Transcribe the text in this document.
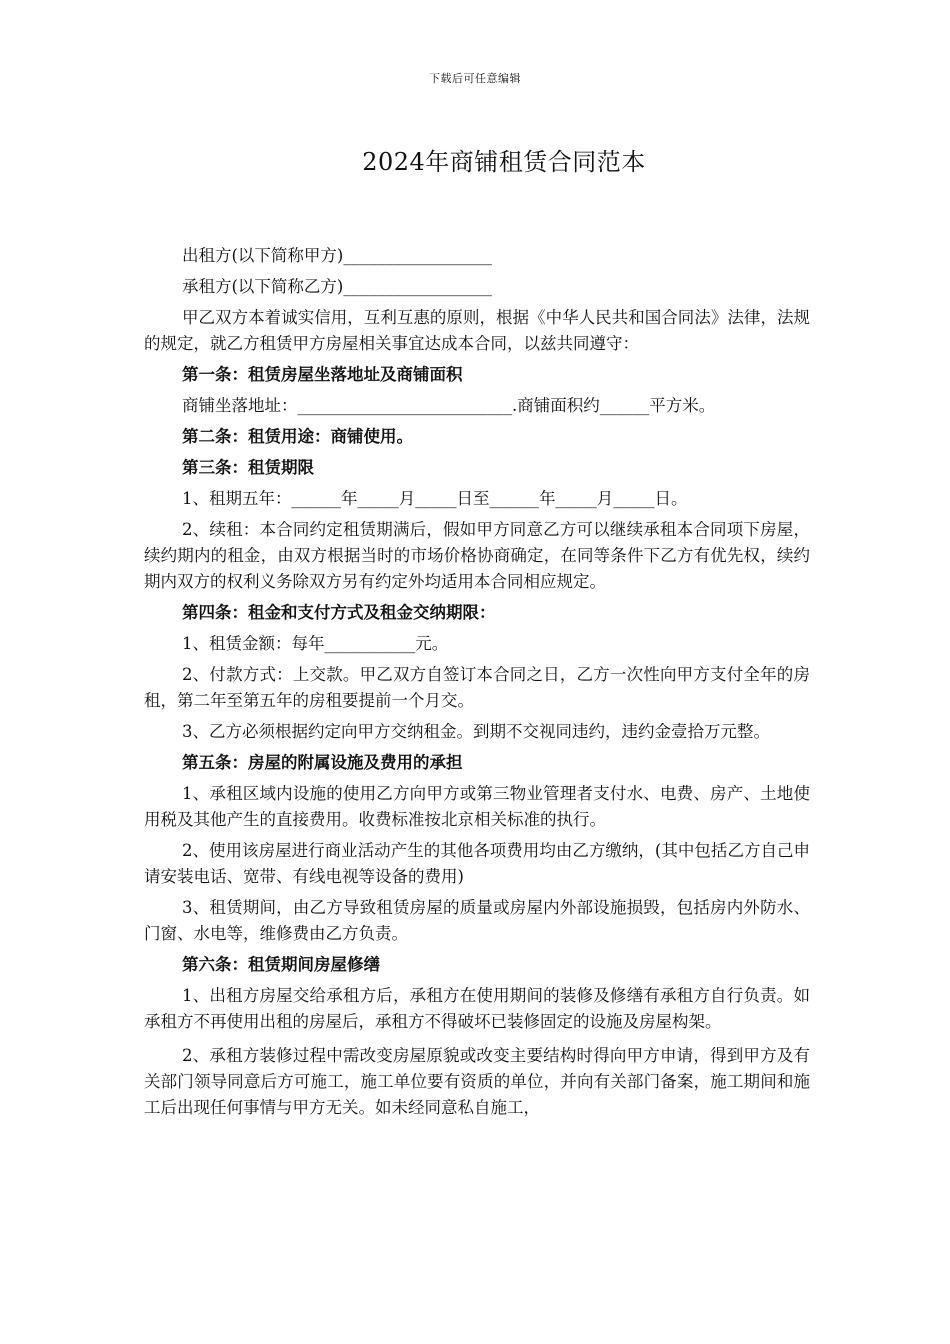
下载后可任意编辑
2024年商铺租赁合同范本

出租方(以下简称甲方)__________________

承租方(以下简称乙方)__________________

甲乙双方本着诚实信用，互利互惠的原则，根据《中华人民共和国合同法》法律，法规的规定，就乙方租赁甲方房屋相关事宜达成本合同，以兹共同遵守：

第一条：租赁房屋坐落地址及商铺面积

商铺坐落地址：__________________________.商铺面积约______平方米。

第二条：租赁用途：商铺使用。

第三条：租赁期限

1、租期五年：______年_____月_____日至______年_____月_____日。

2、续租：本合同约定租赁期满后，假如甲方同意乙方可以继续承租本合同项下房屋，续约期内的租金，由双方根据当时的市场价格协商确定，在同等条件下乙方有优先权，续约期内双方的权利义务除双方另有约定外均适用本合同相应规定。

第四条：租金和支付方式及租金交纳期限：

1、租赁金额：每年___________元。

2、付款方式：上交款。甲乙双方自签订本合同之日，乙方一次性向甲方支付全年的房租，第二年至第五年的房租要提前一个月交。

3、乙方必须根据约定向甲方交纳租金。到期不交视同违约，违约金壹拾万元整。

第五条：房屋的附属设施及费用的承担

1、承租区域内设施的使用乙方向甲方或第三物业管理者支付水、电费、房产、土地使用税及其他产生的直接费用。收费标准按北京相关标准的执行。

2、使用该房屋进行商业活动产生的其他各项费用均由乙方缴纳，(其中包括乙方自己申请安装电话、宽带、有线电视等设备的费用)

3、租赁期间，由乙方导致租赁房屋的质量或房屋内外部设施损毁，包括房内外防水、门窗、水电等，维修费由乙方负责。

第六条：租赁期间房屋修缮

1、出租方房屋交给承租方后，承租方在使用期间的装修及修缮有承租方自行负责。如承租方不再使用出租的房屋后，承租方不得破坏已装修固定的设施及房屋构架。

2、承租方装修过程中需改变房屋原貌或改变主要结构时得向甲方申请，得到甲方及有关部门领导同意后方可施工，施工单位要有资质的单位，并向有关部门备案，施工期间和施工后出现任何事情与甲方无关。如未经同意私自施工，
